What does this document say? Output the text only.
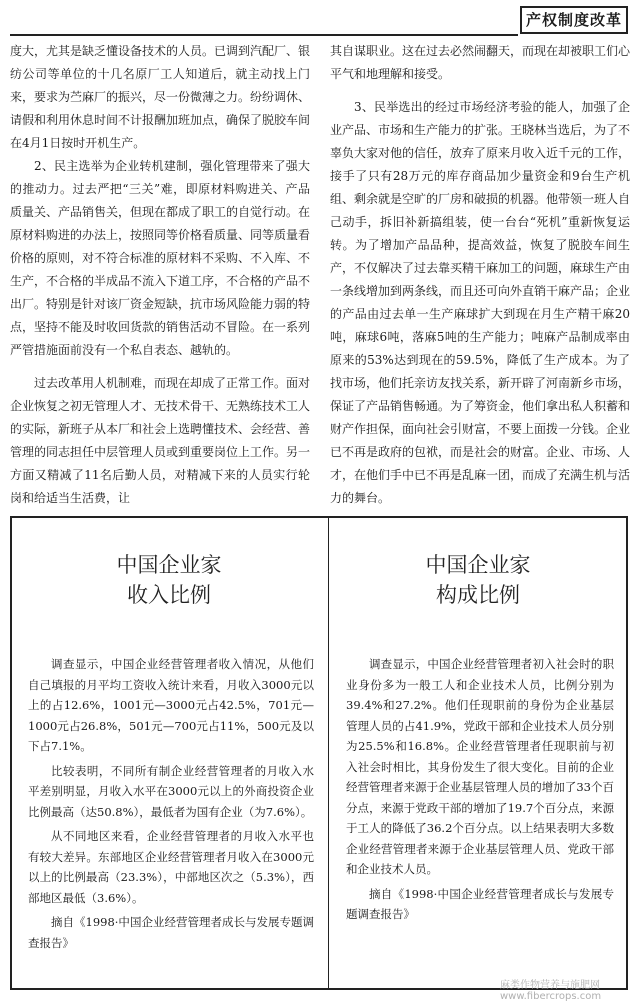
产权制度改革

度大，尤其是缺乏懂设备技术的人员。已调到汽配厂、银纺公司等单位的十几名原厂工人知道后，就主动找上门来，要求为苎麻厂的振兴，尽一份微薄之力。纷纷调休、请假和利用休息时间不计报酬加班加点，确保了脱胶车间在4月1日按时开机生产。

2、民主选举为企业转机建制，强化管理带来了强大的推动力。过去严把“三关”难，即原材料购进关、产品质量关、产品销售关，但现在都成了职工的自觉行动。在原材料购进的办法上，按照同等价格看质量、同等质量看价格的原则，对不符合标准的原材料不采购、不入库、不生产，不合格的半成品不流入下道工序，不合格的产品不出厂。特别是针对该厂资金短缺，抗市场风险能力弱的特点，坚持不能及时收回货款的销售活动不冒险。在一系列严管措施面前没有一个私自表态、越轨的。

过去改革用人机制难，而现在却成了正常工作。面对企业恢复之初无管理人才、无技术骨干、无熟练技术工人的实际，新班子从本厂和社会上选聘懂技术、会经营、善管理的同志担任中层管理人员或到重要岗位上工作。另一方面又精减了11名后勤人员，对精减下来的人员实行轮岗和给适当生活费，让

其自谋职业。这在过去必然闹翻天，而现在却被职工们心平气和地理解和接受。

3、民举选出的经过市场经济考验的能人，加强了企业产品、市场和生产能力的扩张。王晓林当选后，为了不辜负大家对他的信任，放弃了原来月收入近千元的工作，接手了只有28万元的库存商品加少量资金和9台生产机组、剩余就是空旷的厂房和破损的机器。他带领一班人自己动手，拆旧补新搞组装，使一台台“死机”重新恢复运转。为了增加产品品种，提高效益，恢复了脱胶车间生产，不仅解决了过去靠买精干麻加工的问题，麻球生产由一条线增加到两条线，而且还可向外直销干麻产品；企业的产品由过去单一生产麻球扩大到现在月生产精干麻20吨，麻球6吨，落麻5吨的生产能力；吨麻产品制成率由原来的53%达到现在的59.5%，降低了生产成本。为了找市场，他们托亲访友找关系，新开辟了河南新乡市场，保证了产品销售畅通。为了筹资金，他们拿出私人积蓄和财产作担保，面向社会引财富，不要上面拨一分钱。企业已不再是政府的包袱，而是社会的财富。企业、市场、人才，在他们手中已不再是乱麻一团，而成了充满生机与活力的舞台。

中国企业家
收入比例

调查显示，中国企业经营管理者收入情况，从他们自己填报的月平均工资收入统计来看，月收入3000元以上的占12.6%，1001元—3000元占42.5%，701元—1000元占26.8%，501元—700元占11%，500元及以下占7.1%。

比较表明，不同所有制企业经营管理者的月收入水平差别明显，月收入水平在3000元以上的外商投资企业比例最高（达50.8%），最低者为国有企业（为7.6%）。

从不同地区来看，企业经营管理者的月收入水平也有较大差异。东部地区企业经营管理者月收入在3000元以上的比例最高（23.3%），中部地区次之（5.3%），西部地区最低（3.6%）。

摘自《1998·中国企业经营管理者成长与发展专题调查报告》

中国企业家
构成比例

调查显示，中国企业经营管理者初入社会时的职业身份多为一般工人和企业技术人员，比例分别为39.4%和27.2%。他们任现职前的身份为企业基层管理人员的占41.9%，党政干部和企业技术人员分别为25.5%和16.8%。企业经营管理者任现职前与初入社会时相比，其身份发生了很大变化。目前的企业经营管理者来源于企业基层管理人员的增加了33个百分点，来源于党政干部的增加了19.7个百分点，来源于工人的降低了36.2个百分点。以上结果表明大多数企业经营管理者来源于企业基层管理人员、党政干部和企业技术人员。

摘自《1998·中国企业经营管理者成长与发展专题调查报告》

麻类作物营养与施肥网 www.fibercrops.com
